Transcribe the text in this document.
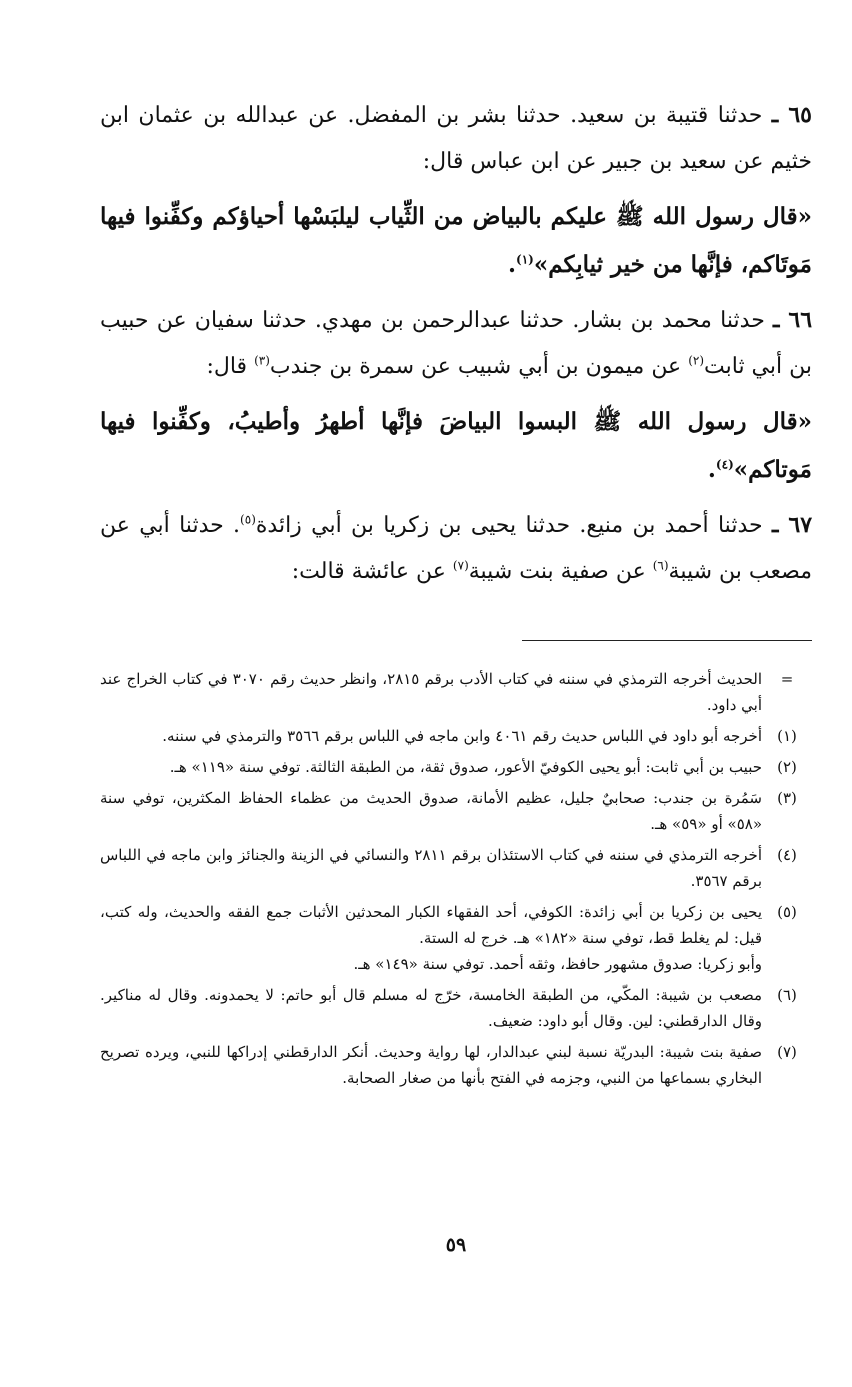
٦٥ ـ حدثنا قتيبة بن سعيد. حدثنا بشر بن المفضل. عن عبدالله بن عثمان ابن خثيم عن سعيد بن جبير عن ابن عباس قال:

«قال رسول الله ﷺ عليكم بالبياض من الثِّياب ليلبَسْها أحياؤكم وكفِّنوا فيها مَوتَاكم، فإنَّها من خير ثيابِكم»$^{(١)}$.

٦٦ ـ حدثنا محمد بن بشار. حدثنا عبدالرحمن بن مهدي. حدثنا سفيان عن حبيب بن أبي ثابت$^{(٢)}$ عن ميمون بن أبي شبيب عن سمرة بن جندب$^{(٣)}$ قال:

«قال رسول الله ﷺ البسوا البياضَ فإنَّها أطهرُ وأطيبُ، وكفِّنوا فيها مَوتاكم»$^{(٤)}$.

٦٧ ـ حدثنا أحمد بن منيع. حدثنا يحيى بن زكريا بن أبي زائدة$^{(٥)}$. حدثنا أبي عن مصعب بن شيبة$^{(٦)}$ عن صفية بنت شيبة$^{(٧)}$ عن عائشة قالت:

=
الحديث أخرجه الترمذي في سننه في كتاب الأدب برقم ٢٨١٥، وانظر حديث رقم ٣٠٧٠ في كتاب الخراج عند أبي داود.
(١)
أخرجه أبو داود في اللباس حديث رقم ٤٠٦١ وابن ماجه في اللباس برقم ٣٥٦٦ والترمذي في سننه.
(٢)
حبيب بن أبي ثابت: أبو يحيى الكوفيّ الأعور، صدوق ثقة، من الطبقة الثالثة. توفي سنة «١١٩» هـ.
(٣)
سَمُرة بن جندب: صحابيٌ جليل، عظيم الأمانة، صدوق الحديث من عظماء الحفاظ المكثرين، توفي سنة «٥٨» أو «٥٩» هـ.
(٤)
أخرجه الترمذي في سننه في كتاب الاستئذان برقم ٢٨١١ والنسائي في الزينة والجنائز وابن ماجه في اللباس برقم ٣٥٦٧.
(٥)
يحيى بن زكريا بن أبي زائدة: الكوفي، أحد الفقهاء الكبار المحدثين الأثبات جمع الفقه والحديث، وله كتب، قيل: لم يغلط قط، توفي سنة «١٨٢» هـ. خرج له الستة.
وأبو زكريا: صدوق مشهور حافظ، وثقه أحمد. توفي سنة «١٤٩» هـ.
(٦)
مصعب بن شيبة: المكّي، من الطبقة الخامسة، خرّج له مسلم قال أبو حاتم: لا يحمدونه. وقال له مناكير. وقال الدارقطني: لين. وقال أبو داود: ضعيف.
(٧)
صفية بنت شيبة: البدريّة نسبة لبني عبدالدار، لها رواية وحديث. أنكر الدارقطني إدراكها للنبي، ويرده تصريح البخاري بسماعها من النبي، وجزمه في الفتح بأنها من صغار الصحابة.
٥٩
